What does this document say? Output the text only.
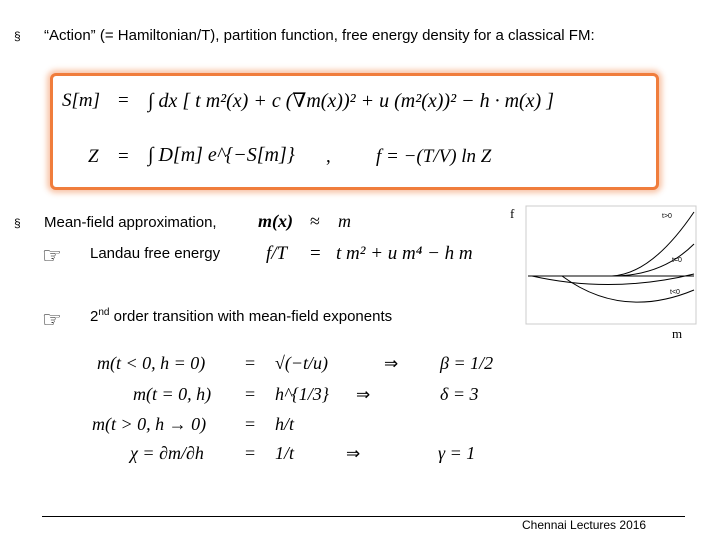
§ “Action” (= Hamiltonian/T), partition function, free energy density for a classical FM:
S[m] = ∫ dx [ t m²(x) + c (∇m(x))² + u (m²(x))² − h · m(x) ]
Z = ∫ D[m] e^{−S[m]} , f = −(T/V) ln Z
§ Mean-field approximation, m(x) ≈ m
☞ Landau free energy f/T = t m² + u m⁴ − h m
☞ 2nd order transition with mean-field exponents
f	t>0
t=0
t<0
m
m(t < 0, h = 0) = √(−t/u)	⇒ β = 1/2
m(t = 0, h) = h^{1/3} ⇒	δ = 3
m(t > 0, h → 0) = h/t
χ = ∂m/∂h = 1/t	⇒	γ = 1
Chennai Lectures 2016
